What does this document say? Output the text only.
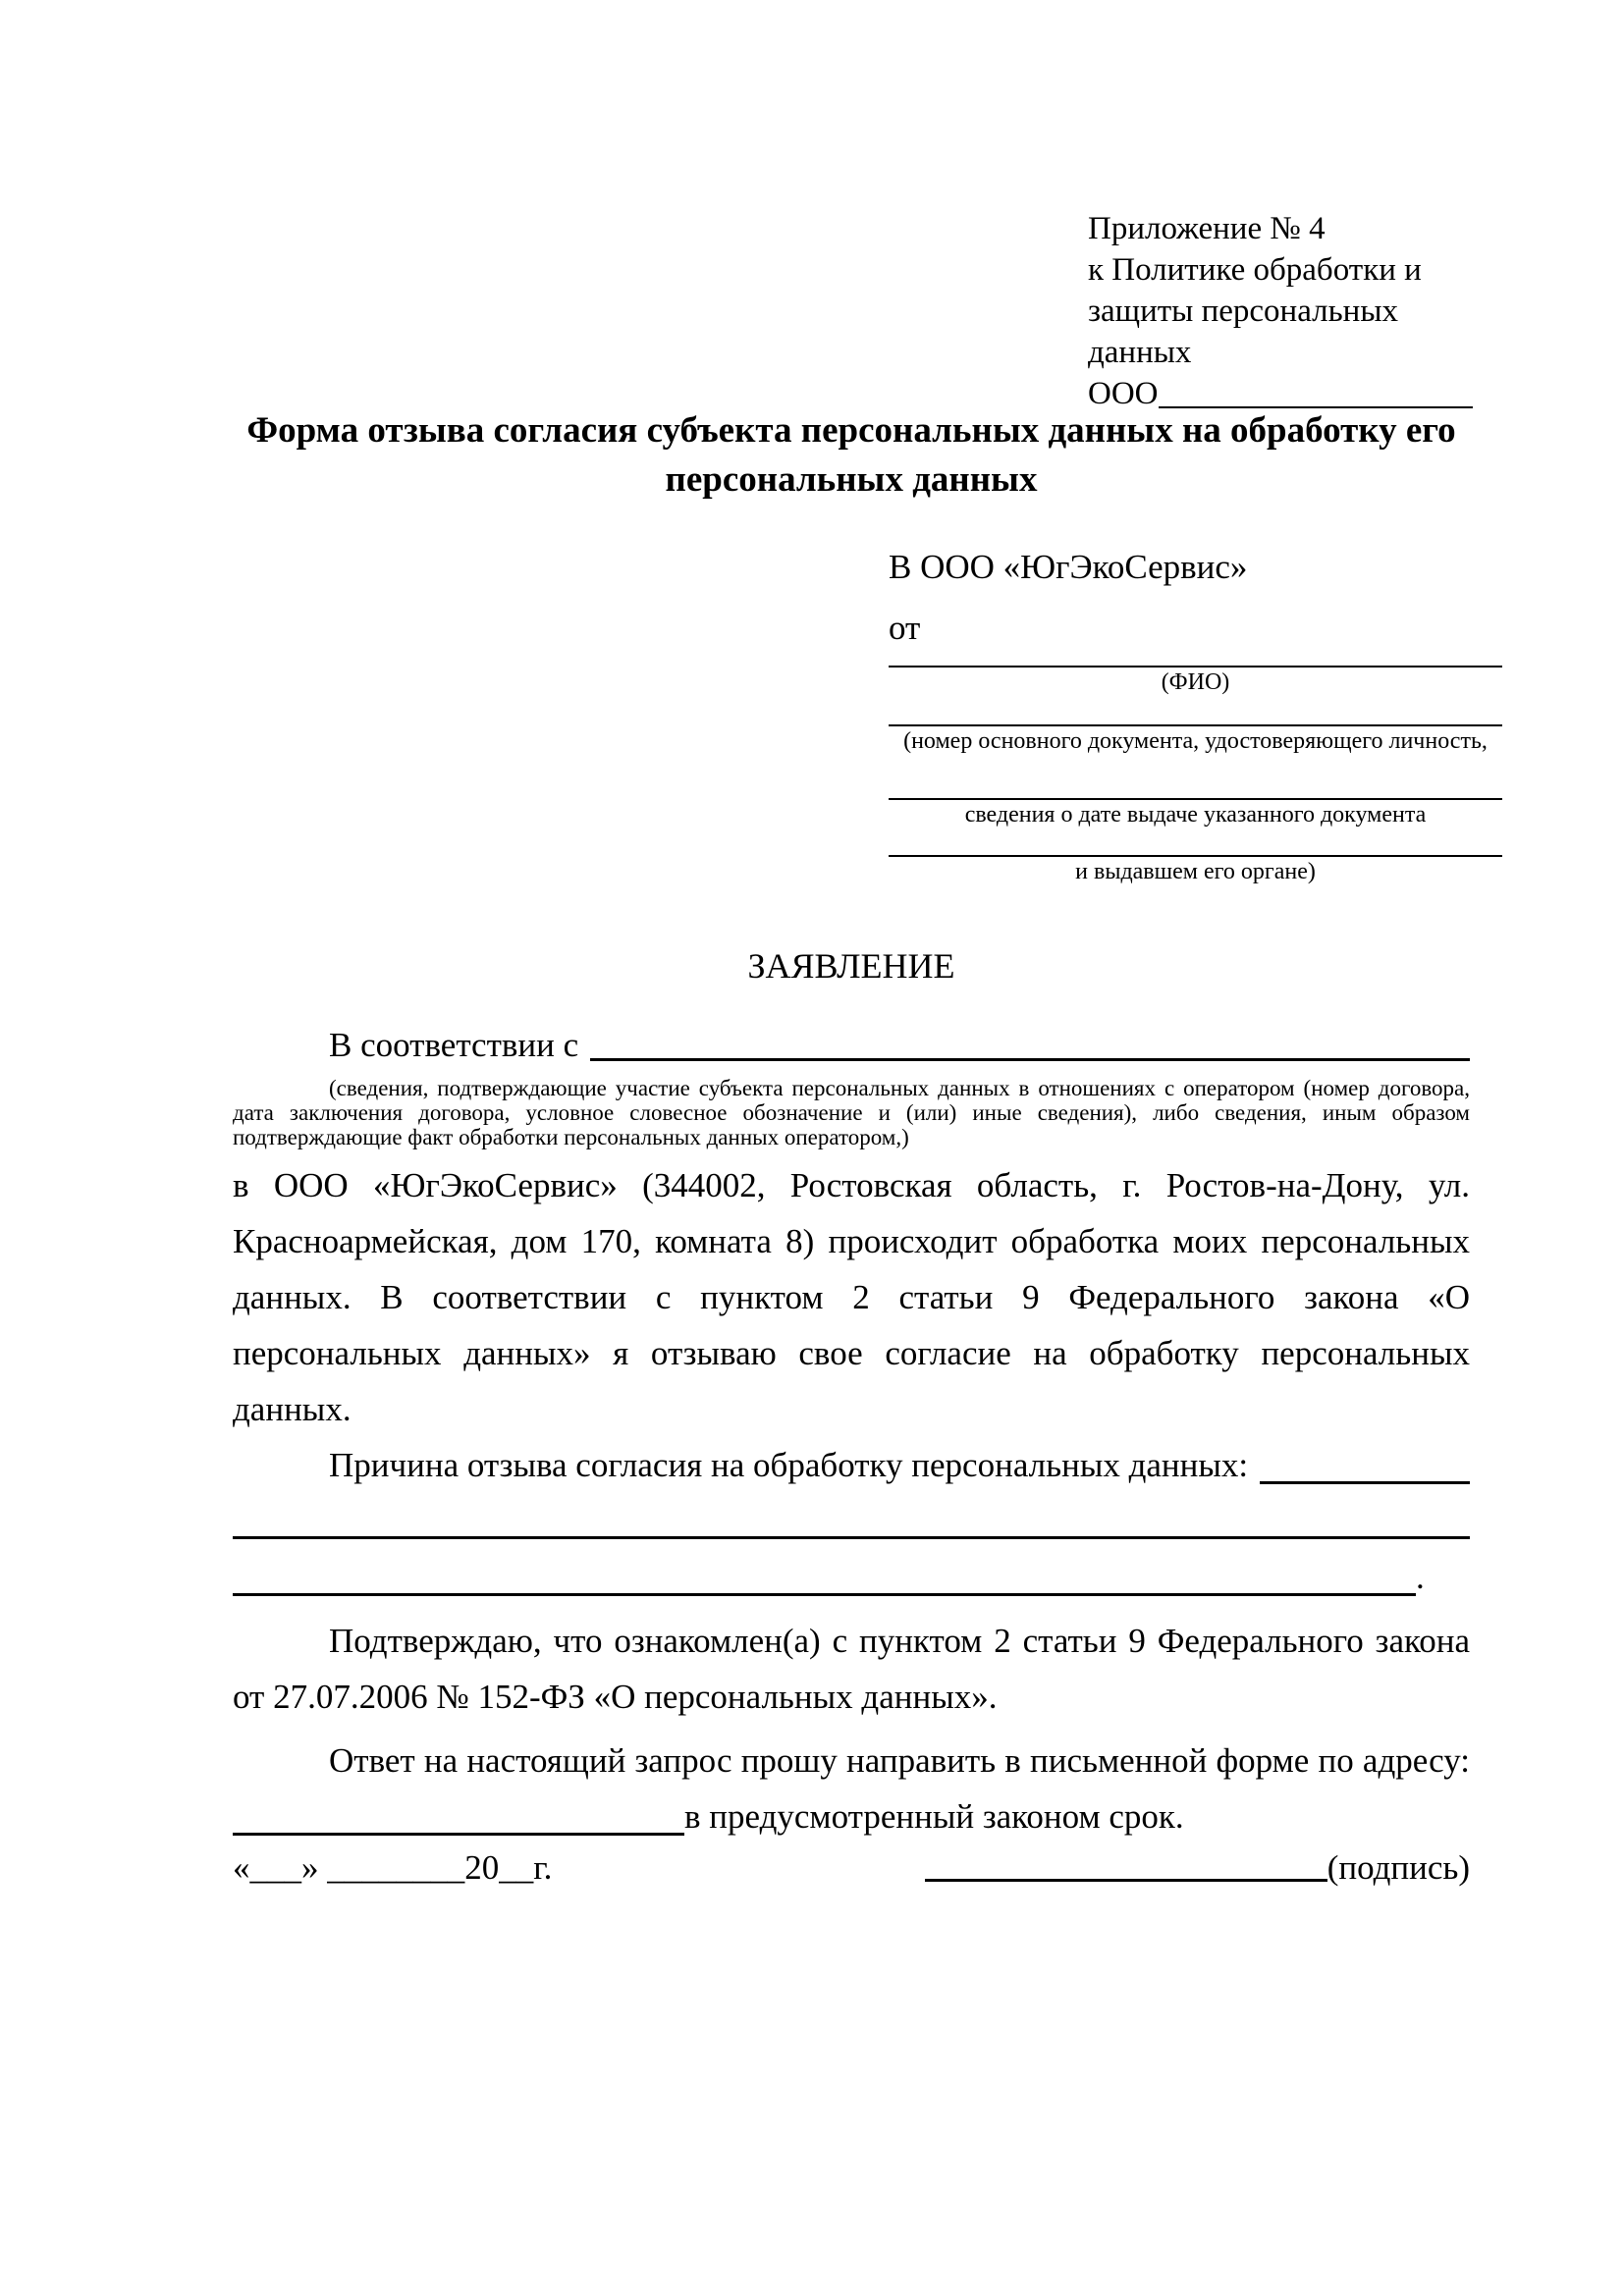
Приложение № 4
к Политике обработки и
защиты персональных данных
ООО
Форма отзыва согласия субъекта персональных данных на обработку его персональных данных
В ООО «ЮгЭкоСервис»
от
(ФИО)
(номер основного документа, удостоверяющего личность,
сведения о дате выдаче указанного документа
и выдавшем его органе)
ЗАЯВЛЕНИЕ
В соответствии с
(сведения, подтверждающие участие субъекта персональных данных в отношениях с оператором (номер договора, дата заключения договора, условное словесное обозначение и (или) иные сведения), либо сведения, иным образом подтверждающие факт обработки персональных данных оператором,)
в ООО «ЮгЭкоСервис» (344002, Ростовская область, г. Ростов-на-Дону, ул. Красноармейская, дом 170, комната 8) происходит обработка моих персональных данных. В соответствии с пунктом 2 статьи 9 Федерального закона «О персональных данных» я отзываю свое согласие на обработку персональных данных.
Причина отзыва согласия на обработку персональных данных:
.
Подтверждаю, что ознакомлен(а) с пунктом 2 статьи 9 Федерального закона от 27.07.2006 № 152-ФЗ «О персональных данных».
Ответ на настоящий запрос прошу направить в письменной форме по адресу:
в предусмотренный законом срок.
«___» ________20__г.	(подпись)
